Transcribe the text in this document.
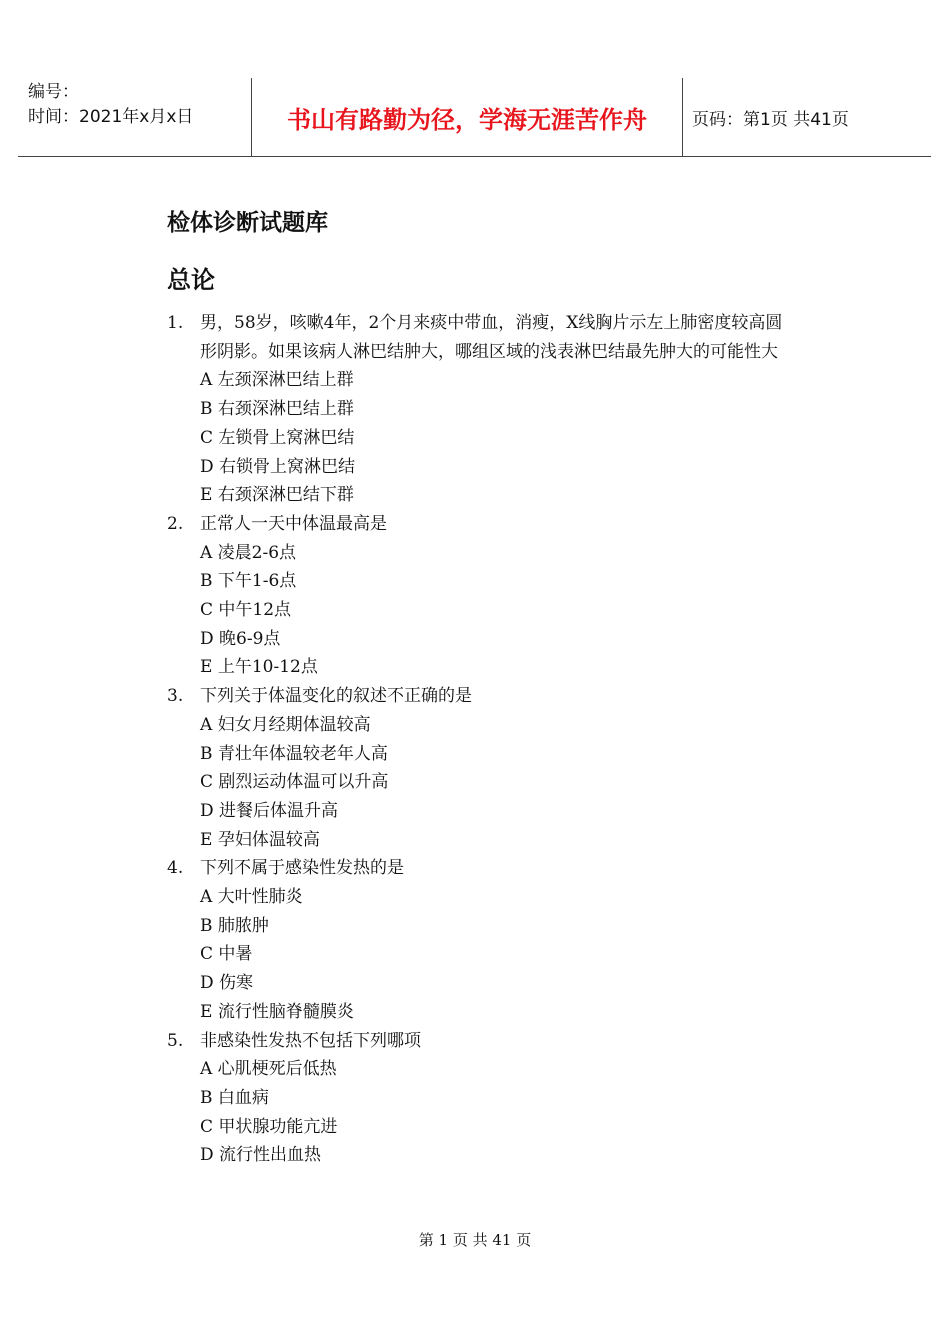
编号：
时间：2021年x月x日	书山有路勤为径，学海无涯苦作舟	页码：第1页 共41页
检体诊断试题库
总论
1. 男，58岁，咳嗽4年，2个月来痰中带血，消瘦，X线胸片示左上肺密度较高圆形阴影。如果该病人淋巴结肿大，哪组区域的浅表淋巴结最先肿大的可能性大
A 左颈深淋巴结上群
B 右颈深淋巴结上群
C 左锁骨上窝淋巴结
D 右锁骨上窝淋巴结
E 右颈深淋巴结下群
2. 正常人一天中体温最高是
A 凌晨2-6点
B 下午1-6点
C 中午12点
D 晚6-9点
E 上午10-12点
3. 下列关于体温变化的叙述不正确的是
A 妇女月经期体温较高
B 青壮年体温较老年人高
C 剧烈运动体温可以升高
D 进餐后体温升高
E 孕妇体温较高
4. 下列不属于感染性发热的是
A 大叶性肺炎
B 肺脓肿
C 中暑
D 伤寒
E 流行性脑脊髓膜炎
5. 非感染性发热不包括下列哪项
A 心肌梗死后低热
B 白血病
C 甲状腺功能亢进
D 流行性出血热
第 1 页 共 41 页
